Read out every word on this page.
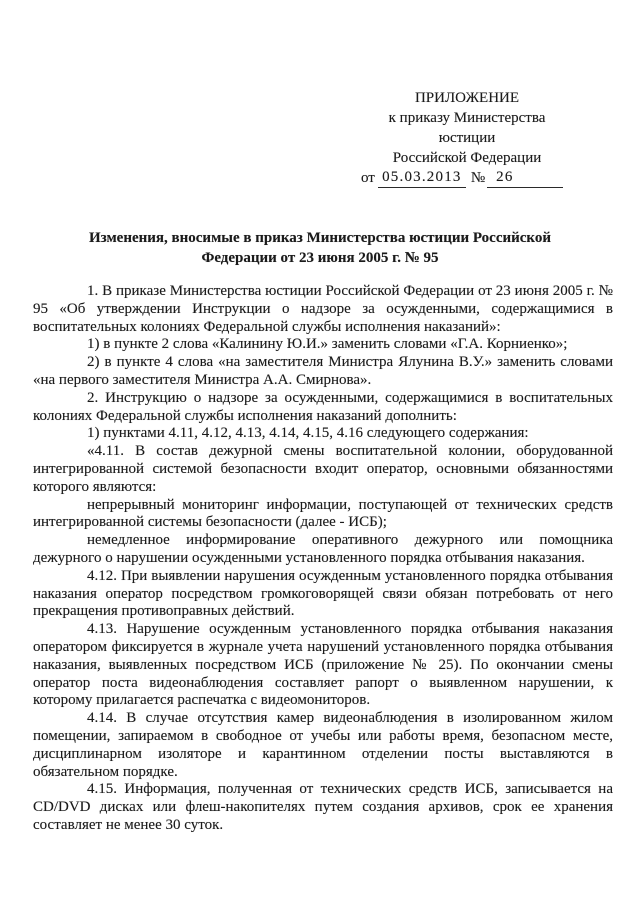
ПРИЛОЖЕНИЕ
к приказу Министерства юстиции
Российской Федерации
от 05.03.2013 № 26
Изменения, вносимые в приказ Министерства юстиции Российской
Федерации от 23 июня 2005 г. № 95

1. В приказе Министерства юстиции Российской Федерации от 23 июня 2005 г. № 95 «Об утверждении Инструкции о надзоре за осужденными, содержащимися в воспитательных колониях Федеральной службы исполнения наказаний»:

1) в пункте 2 слова «Калинину Ю.И.» заменить словами «Г.А. Корниенко»;

2) в пункте 4 слова «на заместителя Министра Ялунина В.У.» заменить словами «на первого заместителя Министра А.А. Смирнова».

2. Инструкцию о надзоре за осужденными, содержащимися в воспитательных колониях Федеральной службы исполнения наказаний дополнить:

1) пунктами 4.11, 4.12, 4.13, 4.14, 4.15, 4.16 следующего содержания:

«4.11. В состав дежурной смены воспитательной колонии, оборудованной интегрированной системой безопасности входит оператор, основными обязанностями которого являются:

непрерывный мониторинг информации, поступающей от технических средств интегрированной системы безопасности (далее - ИСБ);

немедленное информирование оперативного дежурного или помощника дежурного о нарушении осужденными установленного порядка отбывания наказания.

4.12. При выявлении нарушения осужденным установленного порядка отбывания наказания оператор посредством громкоговорящей связи обязан потребовать от него прекращения противоправных действий.

4.13. Нарушение осужденным установленного порядка отбывания наказания оператором фиксируется в журнале учета нарушений установленного порядка отбывания наказания, выявленных посредством ИСБ (приложение № 25). По окончании смены оператор поста видеонаблюдения составляет рапорт о выявленном нарушении, к которому прилагается распечатка с видеомониторов.

4.14. В случае отсутствия камер видеонаблюдения в изолированном жилом помещении, запираемом в свободное от учебы или работы время, безопасном месте, дисциплинарном изоляторе и карантинном отделении посты выставляются в обязательном порядке.

4.15. Информация, полученная от технических средств ИСБ, записывается на CD/DVD дисках или флеш-накопителях путем создания архивов, срок ее хранения составляет не менее 30 суток.
